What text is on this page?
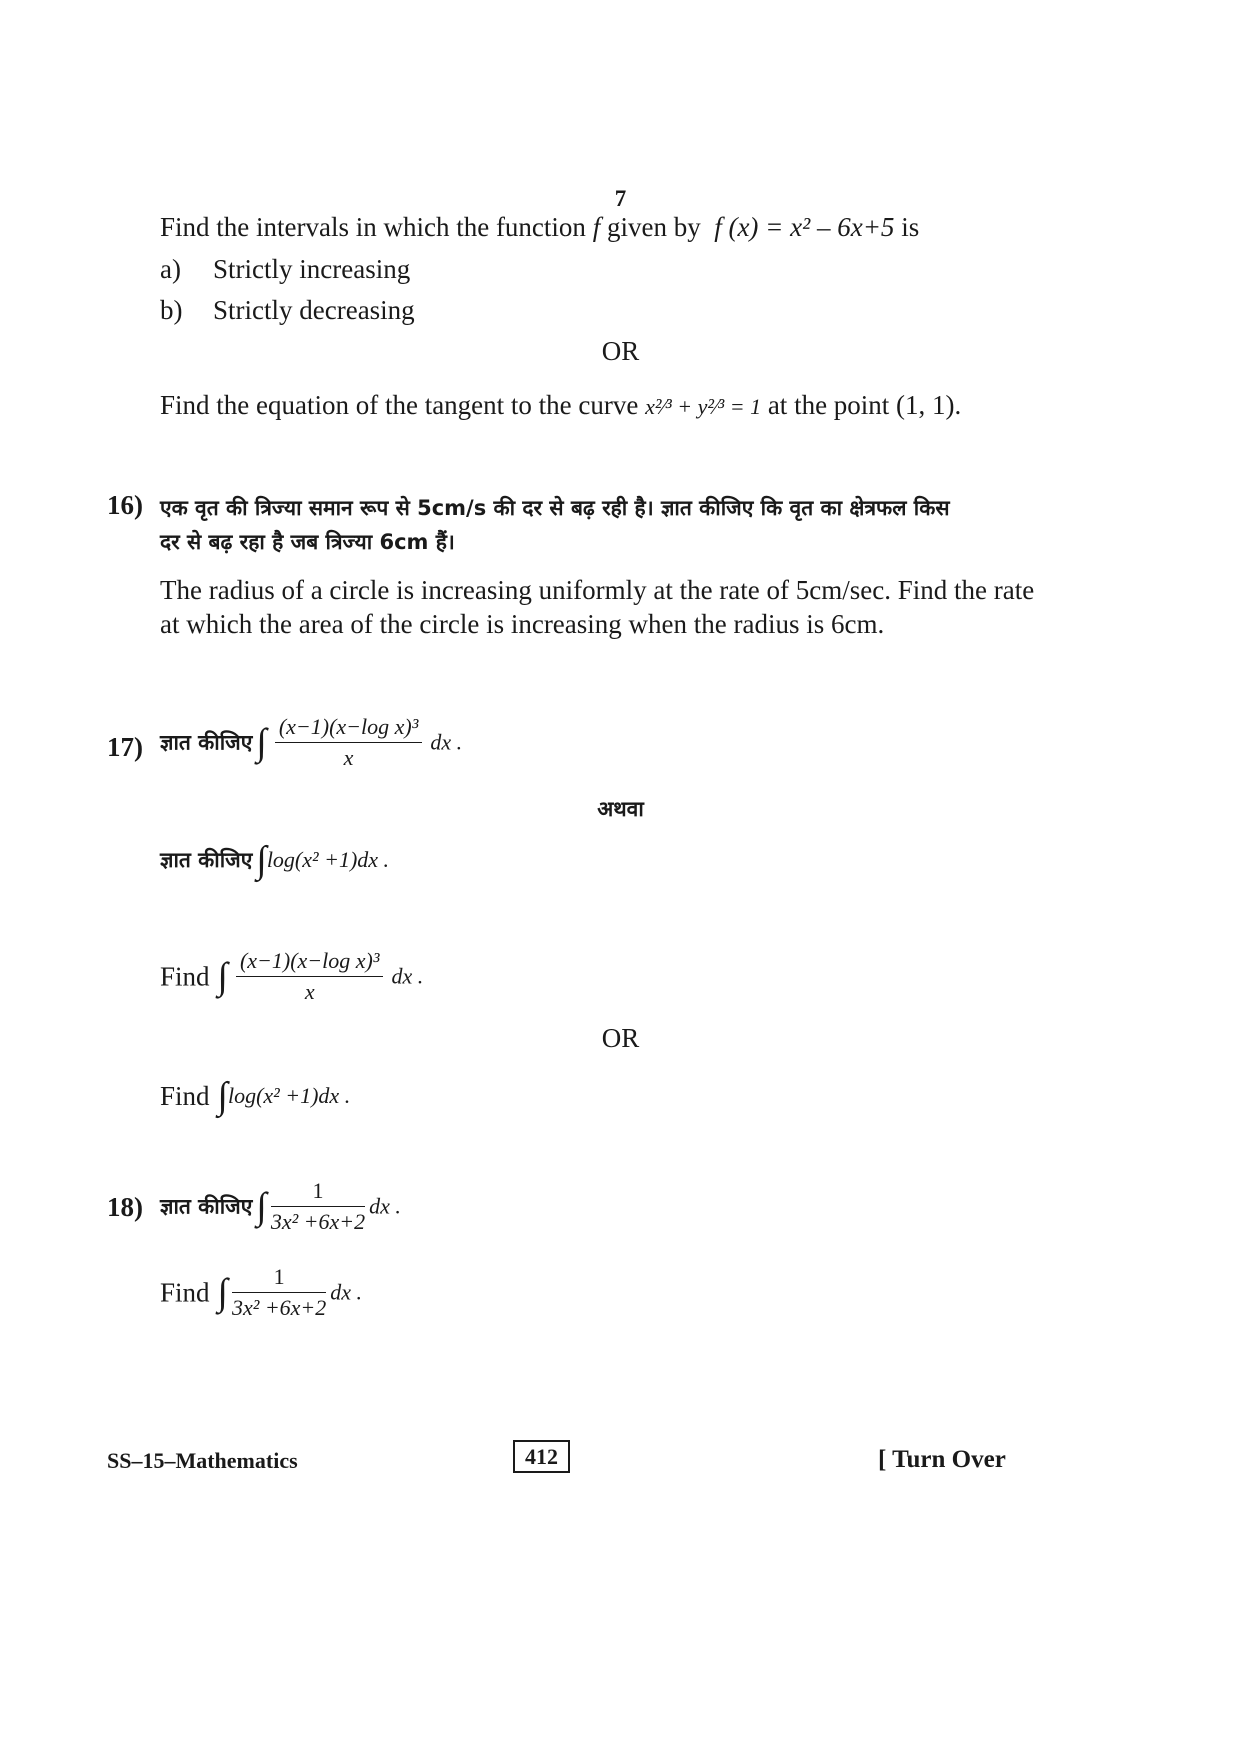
7
Find the intervals in which the function f given by f (x) = x² – 6x+5 is
a) Strictly increasing
b) Strictly decreasing
OR
Find the equation of the tangent to the curve x²⁄³ + y²⁄³ = 1 at the point (1, 1).
16) एक वृत की त्रिज्या समान रूप से 5cm/s की दर से बढ़ रही है। ज्ञात कीजिए कि वृत का क्षेत्रफल किस
दर से बढ़ रहा है जब त्रिज्या 6cm हैं।
The radius of a circle is increasing uniformly at the rate of 5cm/sec. Find the rate
at which the area of the circle is increasing when the radius is 6cm.
17) ज्ञात कीजिए ∫ $\frac{\text{(x−1)(x−log x)³}}{x}$ dx .
अथवा
ज्ञात कीजिए ∫log(x² +1)dx .
Find ∫ $\frac{\text{(x−1)(x−log x)³}}{x}$ dx .
OR
Find ∫log(x² +1)dx .
18) ज्ञात कीजिए ∫ $\frac{1}{\text{3x² +6x+2}}$ dx .
Find ∫ $\frac{1}{\text{3x² +6x+2}}$ dx .
SS–15–Mathematics	412	[ Turn Over
